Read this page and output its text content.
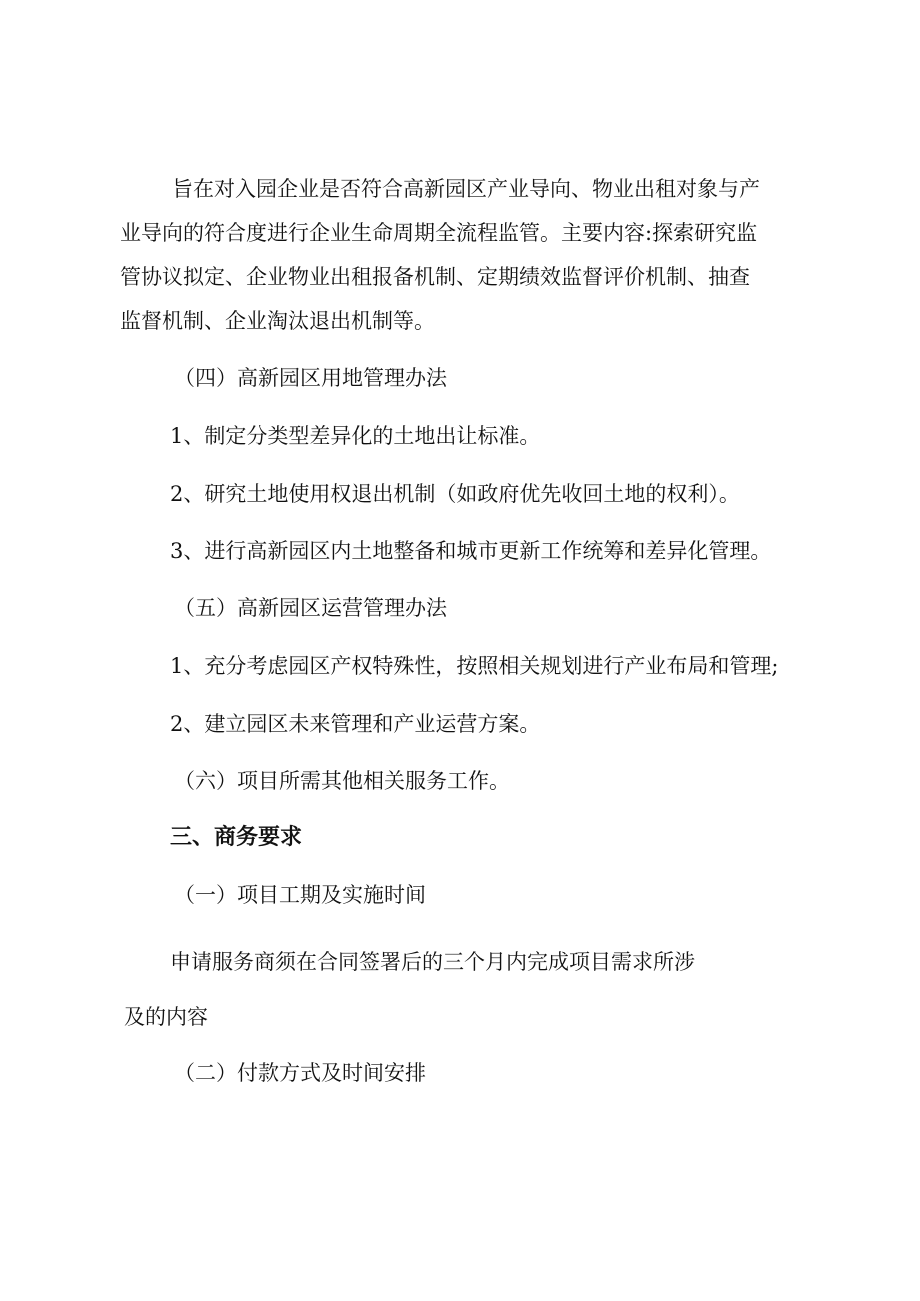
旨在对入园企业是否符合高新园区产业导向、物业出租对象与产

业导向的符合度进行企业生命周期全流程监管。主要内容:探索研究监

管协议拟定、企业物业出租报备机制、定期绩效监督评价机制、抽查

监督机制、企业淘汰退出机制等。

（四）高新园区用地管理办法

1、制定分类型差异化的土地出让标准。

2、研究土地使用权退出机制（如政府优先收回土地的权利）。

3、进行高新园区内土地整备和城市更新工作统筹和差异化管理。

（五）高新园区运营管理办法

1、充分考虑园区产权特殊性，按照相关规划进行产业布局和管理;

2、建立园区未来管理和产业运营方案。

（六）项目所需其他相关服务工作。

三、商务要求

（一）项目工期及实施时间

申请服务商须在合同签署后的三个月内完成项目需求所涉

及的内容

（二）付款方式及时间安排
